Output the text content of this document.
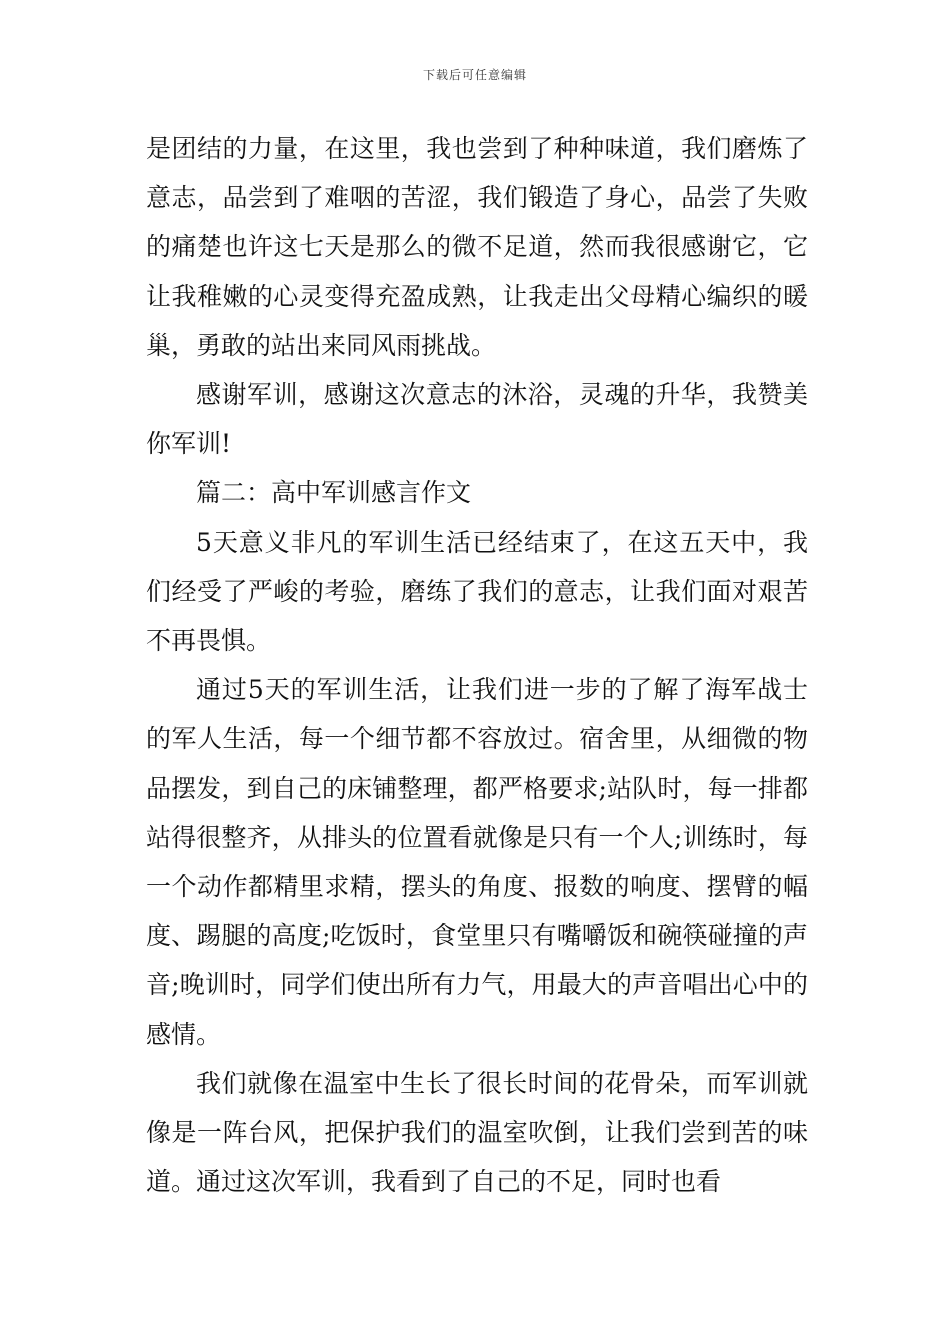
下载后可任意编辑

是团结的力量，在这里，我也尝到了种种味道，我们磨炼了意志，品尝到了难咽的苦涩，我们锻造了身心，品尝了失败的痛楚也许这七天是那么的微不足道，然而我很感谢它，它让我稚嫩的心灵变得充盈成熟，让我走出父母精心编织的暖巢，勇敢的站出来同风雨挑战。

感谢军训，感谢这次意志的沐浴，灵魂的升华，我赞美你军训!

篇二：高中军训感言作文

5天意义非凡的军训生活已经结束了，在这五天中，我们经受了严峻的考验，磨练了我们的意志，让我们面对艰苦不再畏惧。

通过5天的军训生活，让我们进一步的了解了海军战士的军人生活，每一个细节都不容放过。宿舍里，从细微的物品摆发，到自己的床铺整理，都严格要求;站队时，每一排都站得很整齐，从排头的位置看就像是只有一个人;训练时，每一个动作都精里求精，摆头的角度、报数的响度、摆臂的幅度、踢腿的高度;吃饭时，食堂里只有嘴嚼饭和碗筷碰撞的声音;晚训时，同学们使出所有力气，用最大的声音唱出心中的感情。

我们就像在温室中生长了很长时间的花骨朵，而军训就像是一阵台风，把保护我们的温室吹倒，让我们尝到苦的味道。通过这次军训，我看到了自己的不足，同时也看
